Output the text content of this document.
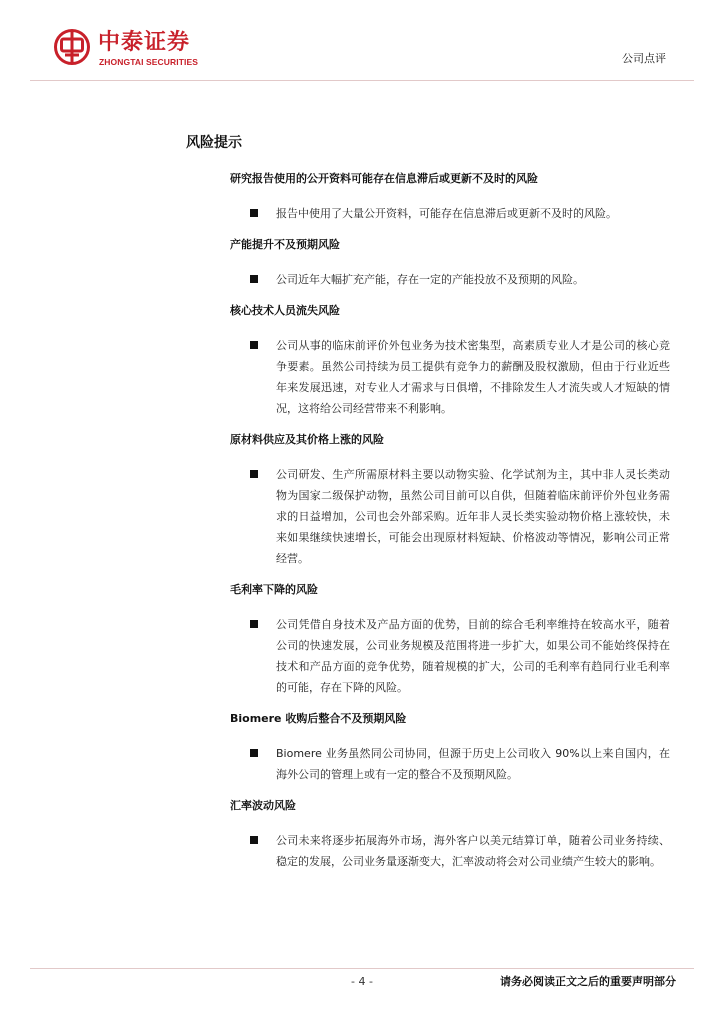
中泰证券
ZHONGTAI SECURITIES	公司点评
风险提示
研究报告使用的公开资料可能存在信息滞后或更新不及时的风险
报告中使用了大量公开资料，可能存在信息滞后或更新不及时的风险。
产能提升不及预期风险
公司近年大幅扩充产能，存在一定的产能投放不及预期的风险。
核心技术人员流失风险
公司从事的临床前评价外包业务为技术密集型，高素质专业人才是公司的核心竞争要素。虽然公司持续为员工提供有竞争力的薪酬及股权激励，但由于行业近些年来发展迅速，对专业人才需求与日俱增，不排除发生人才流失或人才短缺的情况，这将给公司经营带来不利影响。
原材料供应及其价格上涨的风险
公司研发、生产所需原材料主要以动物实验、化学试剂为主，其中非人灵长类动物为国家二级保护动物，虽然公司目前可以自供，但随着临床前评价外包业务需求的日益增加，公司也会外部采购。近年非人灵长类实验动物价格上涨较快，未来如果继续快速增长，可能会出现原材料短缺、价格波动等情况，影响公司正常经营。
毛利率下降的风险
公司凭借自身技术及产品方面的优势，目前的综合毛利率维持在较高水平，随着公司的快速发展，公司业务规模及范围将进一步扩大，如果公司不能始终保持在技术和产品方面的竞争优势，随着规模的扩大，公司的毛利率有趋同行业毛利率的可能，存在下降的风险。
Biomere 收购后整合不及预期风险
Biomere 业务虽然同公司协同，但源于历史上公司收入 90%以上来自国内，在海外公司的管理上或有一定的整合不及预期风险。
汇率波动风险
公司未来将逐步拓展海外市场，海外客户以美元结算订单，随着公司业务持续、稳定的发展，公司业务量逐渐变大，汇率波动将会对公司业绩产生较大的影响。
- 4 -	请务必阅读正文之后的重要声明部分
